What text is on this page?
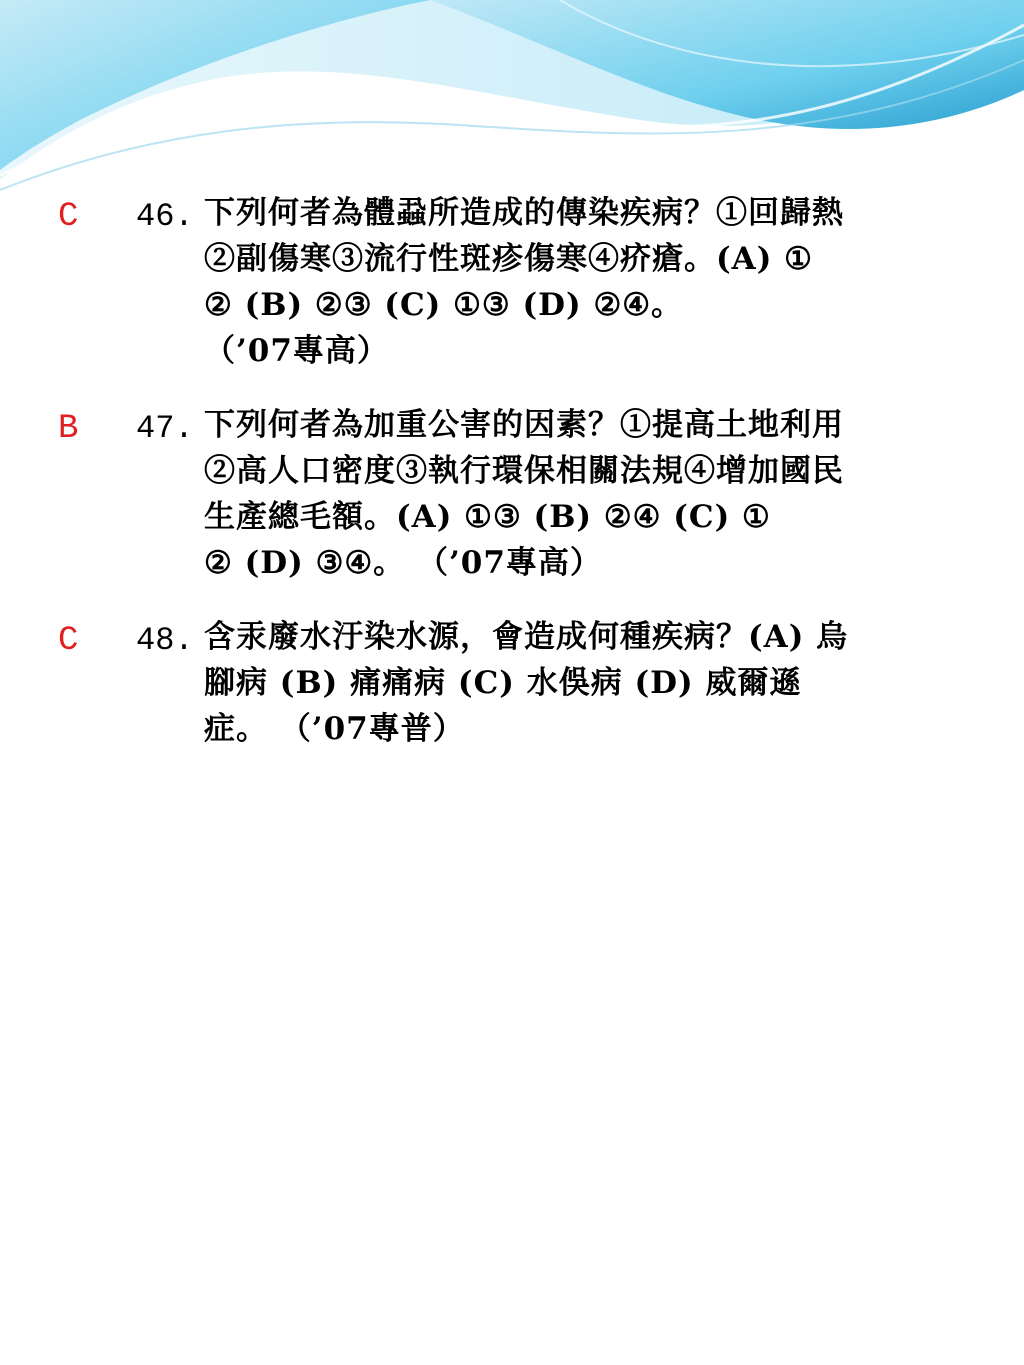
C 46. 下列何者為體蝨所造成的傳染疾病？①回歸熱
②副傷寒③流行性斑疹傷寒④疥瘡。(A) ①
② (B) ②③ (C) ①③ (D) ②④。
（’07專高）
B 47. 下列何者為加重公害的因素？①提高土地利用
②高人口密度③執行環保相關法規④增加國民
生產總毛額。(A) ①③ (B) ②④ (C) ①
② (D) ③④。 （’07專高）
C 48. 含汞廢水汙染水源，會造成何種疾病？(A) 烏
腳病 (B) 痛痛病 (C) 水俁病 (D) 威爾遜
症。 （’07專普）
